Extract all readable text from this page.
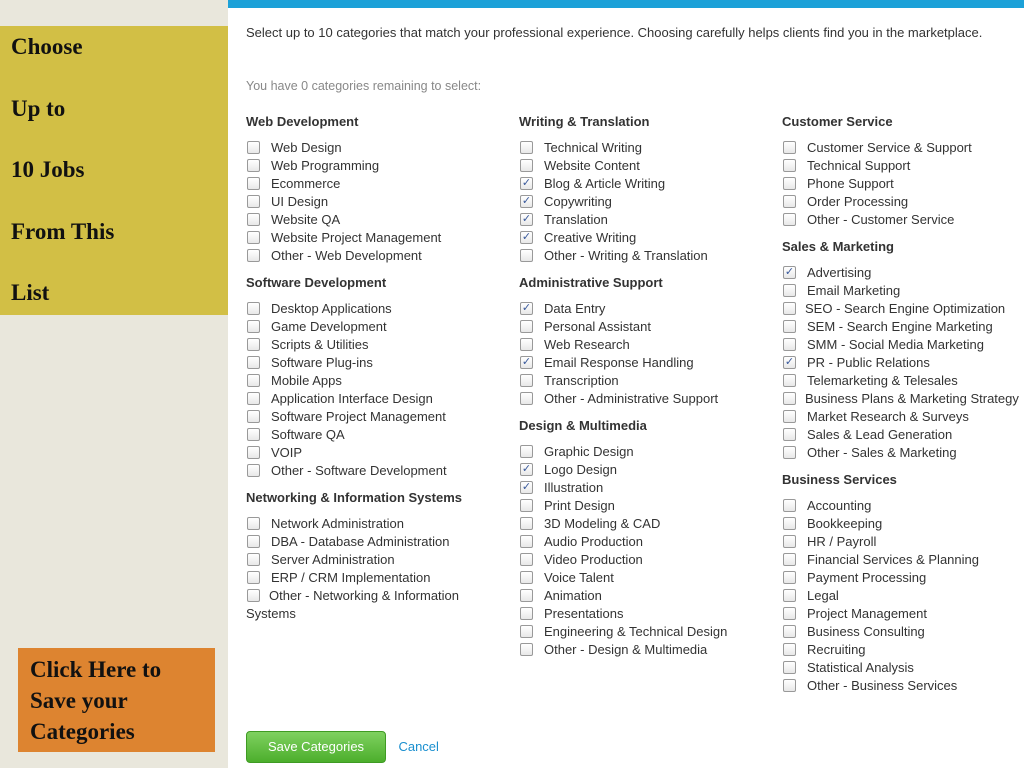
Choose
Up to
10 Jobs
From This
List
Click Here to
Save your
Categories
Select up to 10 categories that match your professional experience. Choosing carefully helps clients find you in the marketplace.
You have 0 categories remaining to select:
Web Development
Web Design
Web Programming
Ecommerce
UI Design
Website QA
Website Project Management
Other - Web Development
Software Development
Desktop Applications
Game Development
Scripts & Utilities
Software Plug-ins
Mobile Apps
Application Interface Design
Software Project Management
Software QA
VOIP
Other - Software Development
Networking & Information Systems
Network Administration
DBA - Database Administration
Server Administration
ERP / CRM Implementation
Other - Networking & Information Systems
Writing & Translation
Technical Writing
Website Content
✓ Blog & Article Writing
✓ Copywriting
✓ Translation
✓ Creative Writing
Other - Writing & Translation
Administrative Support
✓ Data Entry
Personal Assistant
Web Research
✓ Email Response Handling
Transcription
Other - Administrative Support
Design & Multimedia
Graphic Design
✓ Logo Design
✓ Illustration
Print Design
3D Modeling & CAD
Audio Production
Video Production
Voice Talent
Animation
Presentations
Engineering & Technical Design
Other - Design & Multimedia
Customer Service
Customer Service & Support
Technical Support
Phone Support
Order Processing
Other - Customer Service
Sales & Marketing
✓ Advertising
Email Marketing
SEO - Search Engine Optimization
SEM - Search Engine Marketing
SMM - Social Media Marketing
✓ PR - Public Relations
Telemarketing & Telesales
Business Plans & Marketing Strategy
Market Research & Surveys
Sales & Lead Generation
Other - Sales & Marketing
Business Services
Accounting
Bookkeeping
HR / Payroll
Financial Services & Planning
Payment Processing
Legal
Project Management
Business Consulting
Recruiting
Statistical Analysis
Other - Business Services
Save Categories	Cancel
